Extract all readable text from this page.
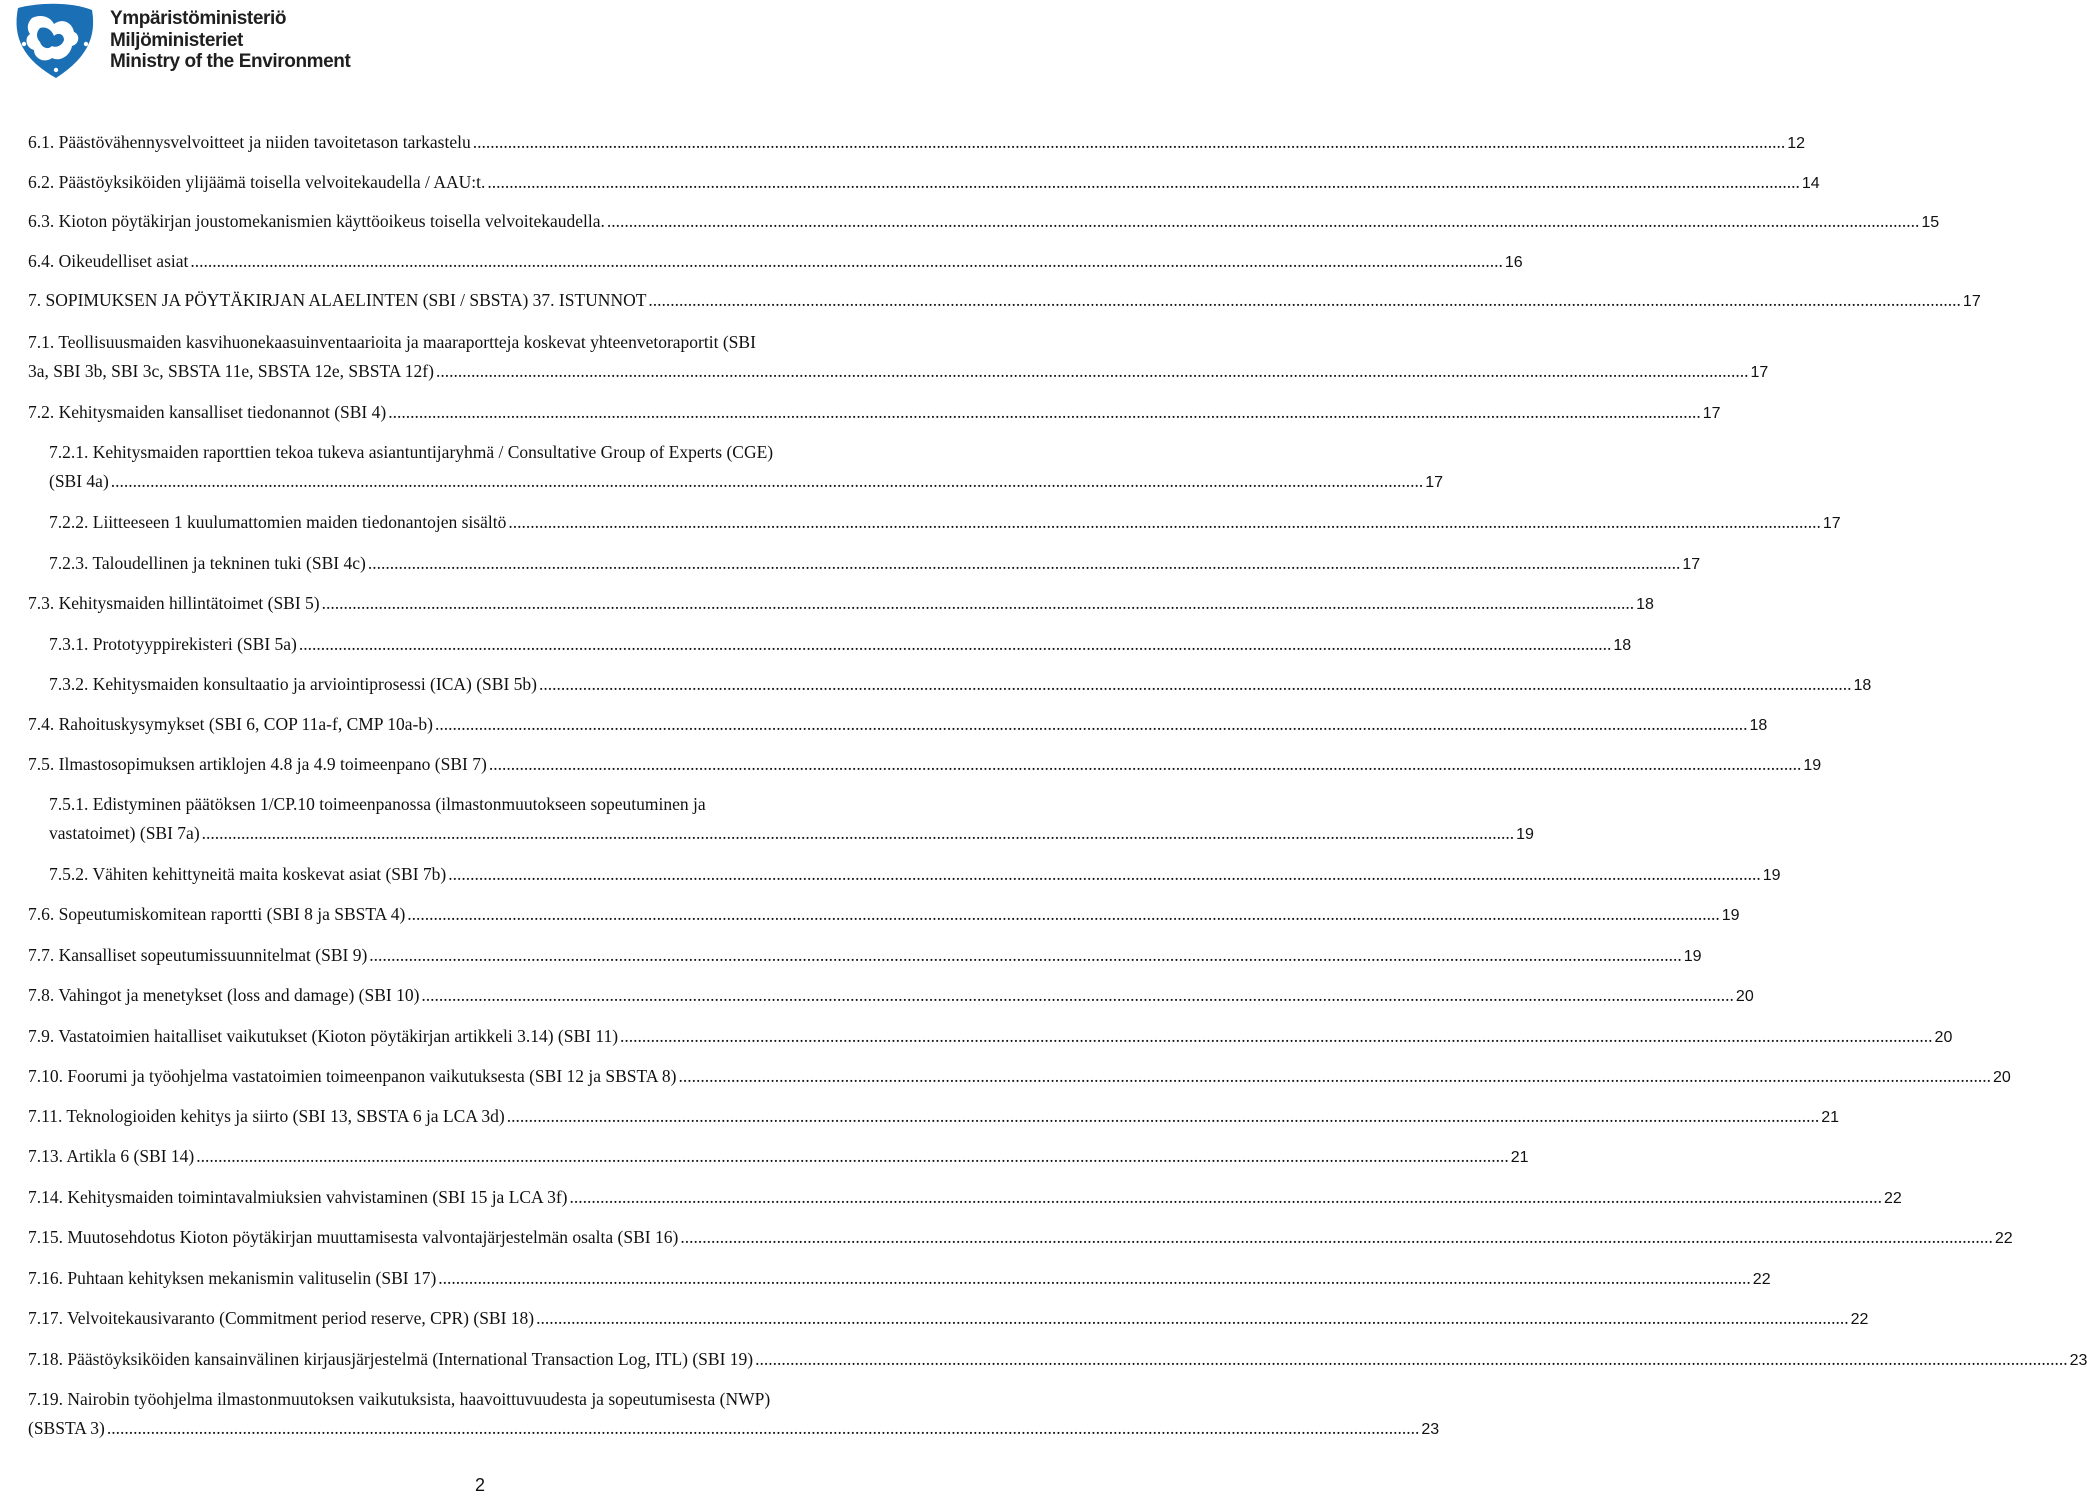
Ympäristöministeriö
Miljöministeriet
Ministry of the Environment
6.1. Päästövähennysvelvoitteet ja niiden tavoitetason tarkastelu ............................................................................................................................................................................................................................................................................................................ 12
6.2. Päästöyksiköiden ylijäämä toisella velvoitekaudella / AAU:t. ............................................................................................................................................................................................................................................................................................................ 14
6.3. Kioton pöytäkirjan joustomekanismien käyttöoikeus toisella velvoitekaudella. ............................................................................................................................................................................................................................................................................................................ 15
6.4. Oikeudelliset asiat ............................................................................................................................................................................................................................................................................................................ 16
7. SOPIMUKSEN JA PÖYTÄKIRJAN ALAELINTEN (SBI / SBSTA) 37. ISTUNNOT ............................................................................................................................................................................................................................................................................................................ 17
7.1. Teollisuusmaiden kasvihuonekaasuinventaarioita ja maaraportteja koskevat yhteenvetoraportit (SBI
3a, SBI 3b, SBI 3c, SBSTA 11e, SBSTA 12e, SBSTA 12f) ............................................................................................................................................................................................................................................................................................................ 17
7.2. Kehitysmaiden kansalliset tiedonannot (SBI 4) ............................................................................................................................................................................................................................................................................................................ 17
7.2.1. Kehitysmaiden raporttien tekoa tukeva asiantuntijaryhmä / Consultative Group of Experts (CGE)
(SBI 4a) ............................................................................................................................................................................................................................................................................................................ 17
7.2.2. Liitteeseen 1 kuulumattomien maiden tiedonantojen sisältö ............................................................................................................................................................................................................................................................................................................ 17
7.2.3. Taloudellinen ja tekninen tuki (SBI 4c) ............................................................................................................................................................................................................................................................................................................ 17
7.3. Kehitysmaiden hillintätoimet (SBI 5) ............................................................................................................................................................................................................................................................................................................ 18
7.3.1. Prototyyppirekisteri (SBI 5a) ............................................................................................................................................................................................................................................................................................................ 18
7.3.2. Kehitysmaiden konsultaatio ja arviointiprosessi (ICA) (SBI 5b) ............................................................................................................................................................................................................................................................................................................ 18
7.4. Rahoituskysymykset (SBI 6, COP 11a-f, CMP 10a-b) ............................................................................................................................................................................................................................................................................................................ 18
7.5. Ilmastosopimuksen artiklojen 4.8 ja 4.9 toimeenpano (SBI 7) ............................................................................................................................................................................................................................................................................................................ 19
7.5.1. Edistyminen päätöksen 1/CP.10 toimeenpanossa (ilmastonmuutokseen sopeutuminen ja
vastatoimet) (SBI 7a) ............................................................................................................................................................................................................................................................................................................ 19
7.5.2. Vähiten kehittyneitä maita koskevat asiat (SBI 7b) ............................................................................................................................................................................................................................................................................................................ 19
7.6. Sopeutumiskomitean raportti (SBI 8 ja SBSTA 4) ............................................................................................................................................................................................................................................................................................................ 19
7.7. Kansalliset sopeutumissuunnitelmat (SBI 9) ............................................................................................................................................................................................................................................................................................................ 19
7.8. Vahingot ja menetykset (loss and damage) (SBI 10) ............................................................................................................................................................................................................................................................................................................ 20
7.9. Vastatoimien haitalliset vaikutukset (Kioton pöytäkirjan artikkeli 3.14) (SBI 11) ............................................................................................................................................................................................................................................................................................................ 20
7.10. Foorumi ja työohjelma vastatoimien toimeenpanon vaikutuksesta (SBI 12 ja SBSTA 8) ............................................................................................................................................................................................................................................................................................................ 20
7.11. Teknologioiden kehitys ja siirto (SBI 13, SBSTA 6 ja LCA 3d) ............................................................................................................................................................................................................................................................................................................ 21
7.13. Artikla 6 (SBI 14) ............................................................................................................................................................................................................................................................................................................ 21
7.14. Kehitysmaiden toimintavalmiuksien vahvistaminen (SBI 15 ja LCA 3f) ............................................................................................................................................................................................................................................................................................................ 22
7.15. Muutosehdotus Kioton pöytäkirjan muuttamisesta valvontajärjestelmän osalta (SBI 16) ............................................................................................................................................................................................................................................................................................................ 22
7.16. Puhtaan kehityksen mekanismin valituselin (SBI 17) ............................................................................................................................................................................................................................................................................................................ 22
7.17. Velvoitekausivaranto (Commitment period reserve, CPR) (SBI 18) ............................................................................................................................................................................................................................................................................................................ 22
7.18. Päästöyksiköiden kansainvälinen kirjausjärjestelmä (International Transaction Log, ITL) (SBI 19) ............................................................................................................................................................................................................................................................................................................ 23
7.19. Nairobin työohjelma ilmastonmuutoksen vaikutuksista, haavoittuvuudesta ja sopeutumisesta (NWP)
(SBSTA 3) ............................................................................................................................................................................................................................................................................................................ 23
2
